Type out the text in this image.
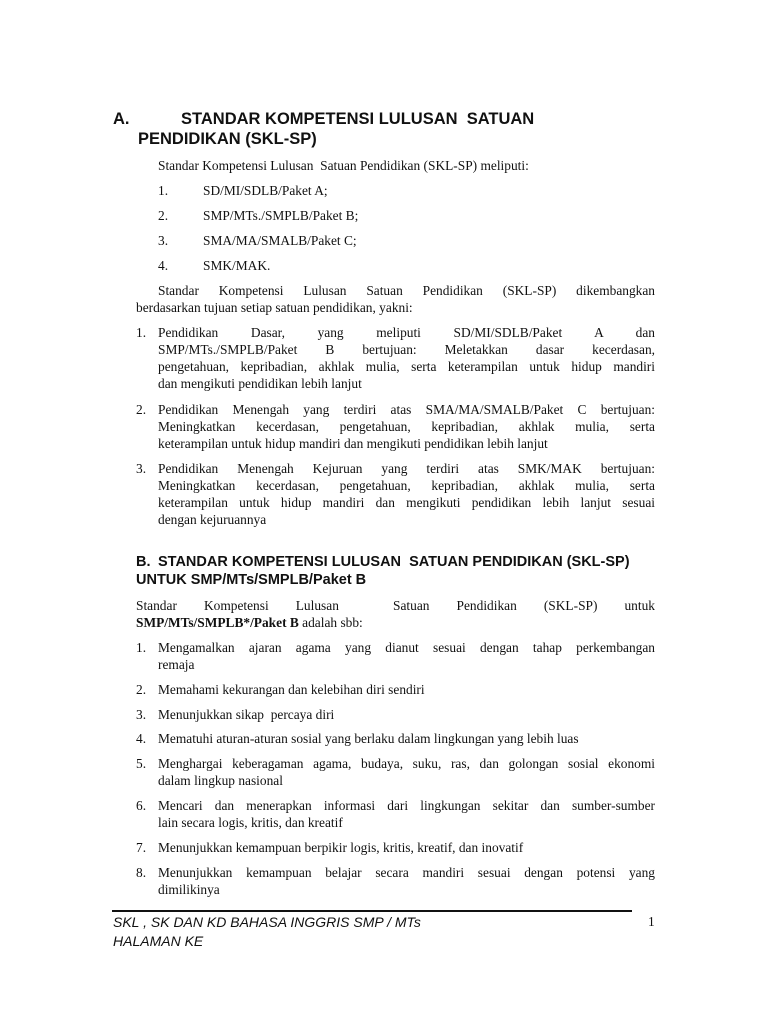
A.	STANDAR KOMPETENSI LULUSAN  SATUAN
PENDIDIKAN (SKL-SP)
Standar Kompetensi Lulusan  Satuan Pendidikan (SKL-SP) meliputi:
1.	SD/MI/SDLB/Paket A;
2.	SMP/MTs./SMPLB/Paket B;
3.	SMA/MA/SMALB/Paket C;
4.	SMK/MAK.
Standar Kompetensi Lulusan Satuan Pendidikan (SKL-SP) dikembangkan
berdasarkan tujuan setiap satuan pendidikan, yakni:
1. Pendidikan Dasar, yang meliputi SD/MI/SDLB/Paket A dan
SMP/MTs./SMPLB/Paket B bertujuan: Meletakkan dasar kecerdasan,
pengetahuan, kepribadian, akhlak mulia, serta keterampilan untuk hidup mandiri
dan mengikuti pendidikan lebih lanjut
2. Pendidikan Menengah yang terdiri atas SMA/MA/SMALB/Paket C bertujuan:
Meningkatkan kecerdasan, pengetahuan, kepribadian, akhlak mulia, serta
keterampilan untuk hidup mandiri dan mengikuti pendidikan lebih lanjut
3. Pendidikan Menengah Kejuruan yang terdiri atas SMK/MAK bertujuan:
Meningkatkan kecerdasan, pengetahuan, kepribadian, akhlak mulia, serta
keterampilan untuk hidup mandiri dan mengikuti pendidikan lebih lanjut sesuai
dengan kejuruannya
B. STANDAR KOMPETENSI LULUSAN  SATUAN PENDIDIKAN (SKL-SP)
UNTUK SMP/MTs/SMPLB/Paket B
Standar Kompetensi Lulusan  Satuan Pendidikan (SKL-SP) untuk
SMP/MTs/SMPLB*/Paket B adalah sbb:
1. Mengamalkan ajaran agama yang dianut sesuai dengan tahap perkembangan
remaja
2. Memahami kekurangan dan kelebihan diri sendiri
3. Menunjukkan sikap  percaya diri
4. Mematuhi aturan-aturan sosial yang berlaku dalam lingkungan yang lebih luas
5. Menghargai keberagaman agama, budaya, suku, ras, dan golongan sosial ekonomi
dalam lingkup nasional
6. Mencari dan menerapkan informasi dari lingkungan sekitar dan sumber-sumber
lain secara logis, kritis, dan kreatif
7. Menunjukkan kemampuan berpikir logis, kritis, kreatif, dan inovatif
8. Menunjukkan kemampuan belajar secara mandiri sesuai dengan potensi yang
dimilikinya
SKL , SK DAN KD BAHASA INGGRIS SMP / MTs
HALAMAN KE
1
